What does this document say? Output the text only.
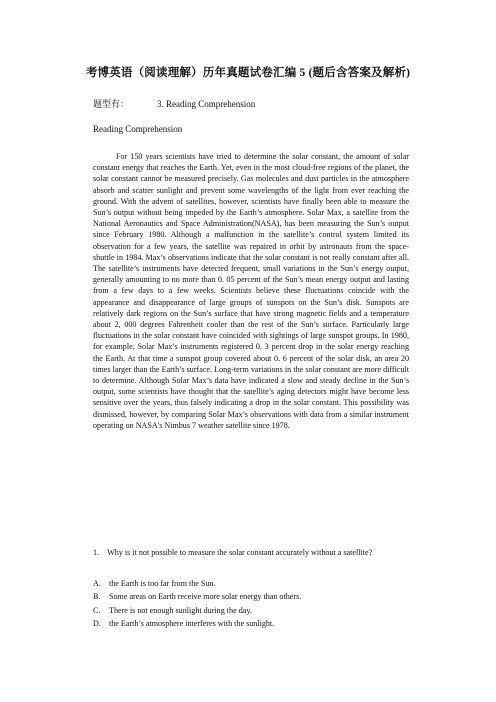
考博英语（阅读理解）历年真题试卷汇编 5 (题后含答案及解析)
题型有：	3. Reading Comprehension
Reading Comprehension

For 150 years scientists have tried to determine the solar constant, the amount of solar constant energy that reaches the Earth. Yet, even in the most cloud-free regions of the planet, the solar constant cannot be measured precisely. Gas molecules and dust particles in the atmosphere absorb and scatter sunlight and prevent some wavelengths of the light from ever reaching the ground. With the advent of satellites, however, scientists have finally been able to measure the Sun’s output without being impeded by the Earth’s atmosphere. Solar Max, a satellite from the National Aeronautics and Space Administration(NASA), has been measuring the Sun’s output since February 1980. Although a malfunction in the satellite’s control system limited its observation for a few years, the satellite was repaired in orbit by astronauts from the space-shuttle in 1984. Max’s observations indicate that the solar constant is not really constant after all. The satellite’s instruments have detected frequent, small variations in the Sun’s energy output, generally amounting to no more than 0. 05 percent of the Sun’s mean energy output and lasting from a few days to a few weeks. Scientists believe these fluctuations coincide with the appearance and disappearance of large groups of sunspots on the Sun’s disk. Sunspots are relatively dark regions on the Sun’s surface that have strong magnetic fields and a temperature about 2, 000 degrees Fahrenheit cooler than the rest of the Sun’s surface. Particularly large fluctuations in the solar constant have coincided with sightings of large sunspot groups. In 1980, for example, Solar Max’s instruments registered 0. 3 percent drop in the solar energy reaching the Earth. At that time a sunspot group covered about 0. 6 percent of the solar disk, an area 20 times larger than the Earth’s surface. Long-term variations in the solar constant are more difficult to determine. Although Solar Max’s data have indicated a slow and steady decline in the Sun’s output, some scientists have thought that the satellite’s aging detectors might have become less sensitive over the years, thus falsely indicating a drop in the solar constant. This possibility was dismissed, however, by comparing Solar Max’s observations with data from a similar instrument operating on NASA's Nimbus 7 weather satellite since 1978.

1. Why is it not possible to measure the solar constant accurately without a satellite?
A. the Earth is too far from the Sun.
B. Some areas on Earth receive more solar energy than others.
C. There is not enough sunlight during the day.
D. the Earth’s atmosphere interferes with the sunlight.
